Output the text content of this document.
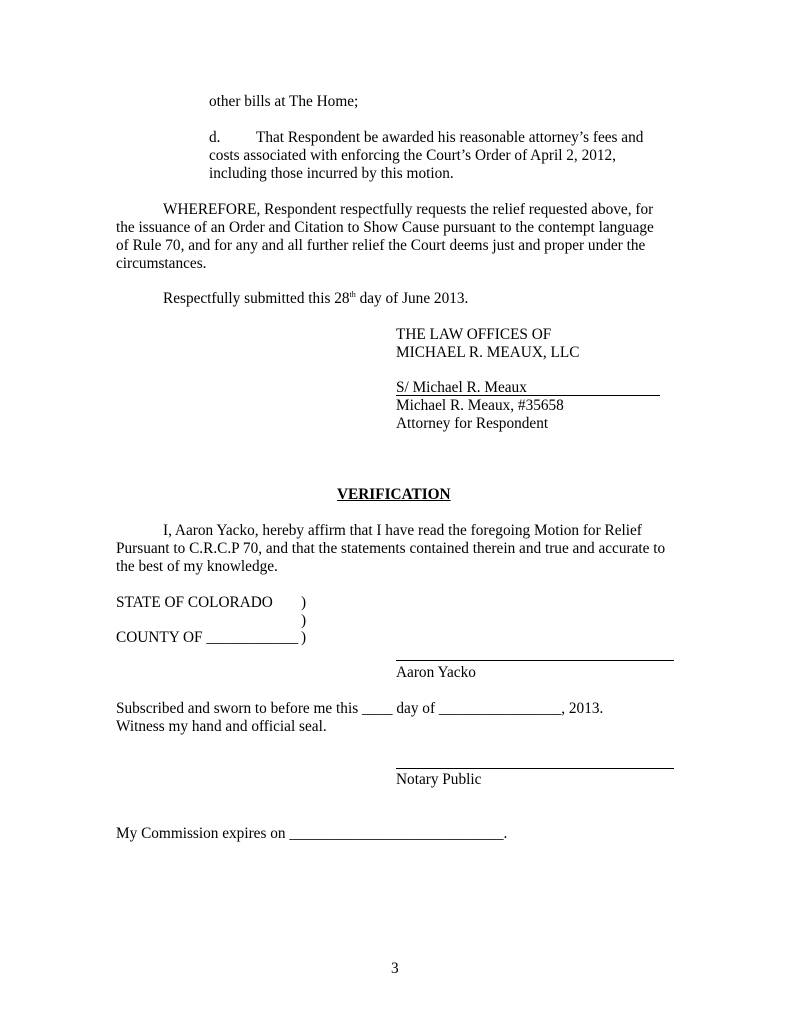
other bills at The Home;
d. That Respondent be awarded his reasonable attorney’s fees and
costs associated with enforcing the Court’s Order of April 2, 2012,
including those incurred by this motion.
WHEREFORE, Respondent respectfully requests the relief requested above, for
the issuance of an Order and Citation to Show Cause pursuant to the contempt language
of Rule 70, and for any and all further relief the Court deems just and proper under the
circumstances.
Respectfully submitted this 28th day of June 2013.
THE LAW OFFICES OF
MICHAEL R. MEAUX, LLC
S/ Michael R. Meaux
Michael R. Meaux, #35658
Attorney for Respondent
VERIFICATION
I, Aaron Yacko, hereby affirm that I have read the foregoing Motion for Relief
Pursuant to C.R.C.P 70, and that the statements contained therein and true and accurate to
the best of my knowledge.
STATE OF COLORADO )
)
COUNTY OF ____________ )
Aaron Yacko
Subscribed and sworn to before me this ____ day of ________________, 2013.
Witness my hand and official seal.
Notary Public
My Commission expires on ____________________________.
3
